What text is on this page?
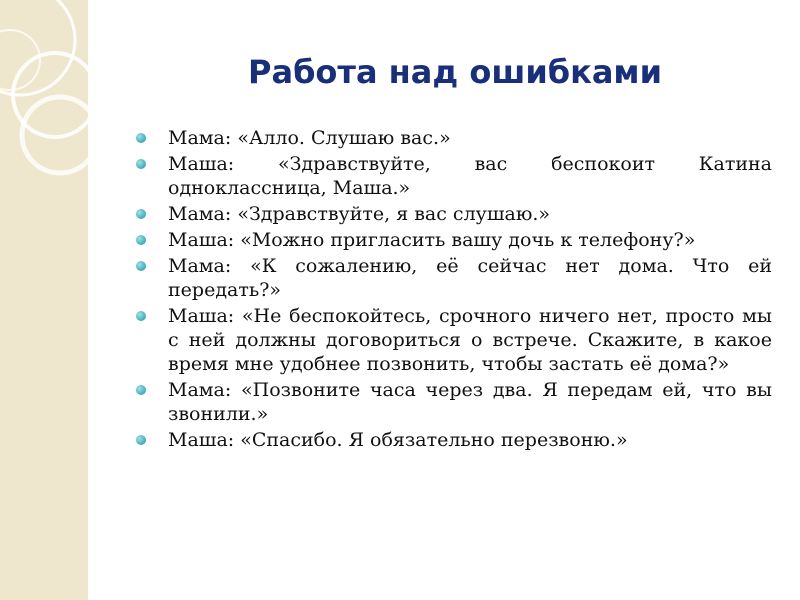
Работа над ошибками
Мама: «Алло. Слушаю вас.»
Маша: «Здравствуйте, вас беспокоит Катина одноклассница, Маша.»
Мама: «Здравствуйте, я вас слушаю.»
Маша: «Можно пригласить вашу дочь к телефону?»
Мама: «К сожалению, её сейчас нет дома. Что ей передать?»
Маша: «Не беспокойтесь, срочного ничего нет, просто мы с ней должны договориться о встрече. Скажите, в какое время мне удобнее позвонить, чтобы застать её дома?»
Мама: «Позвоните часа через два. Я передам ей, что вы звонили.»
Маша: «Спасибо. Я обязательно перезвоню.»
